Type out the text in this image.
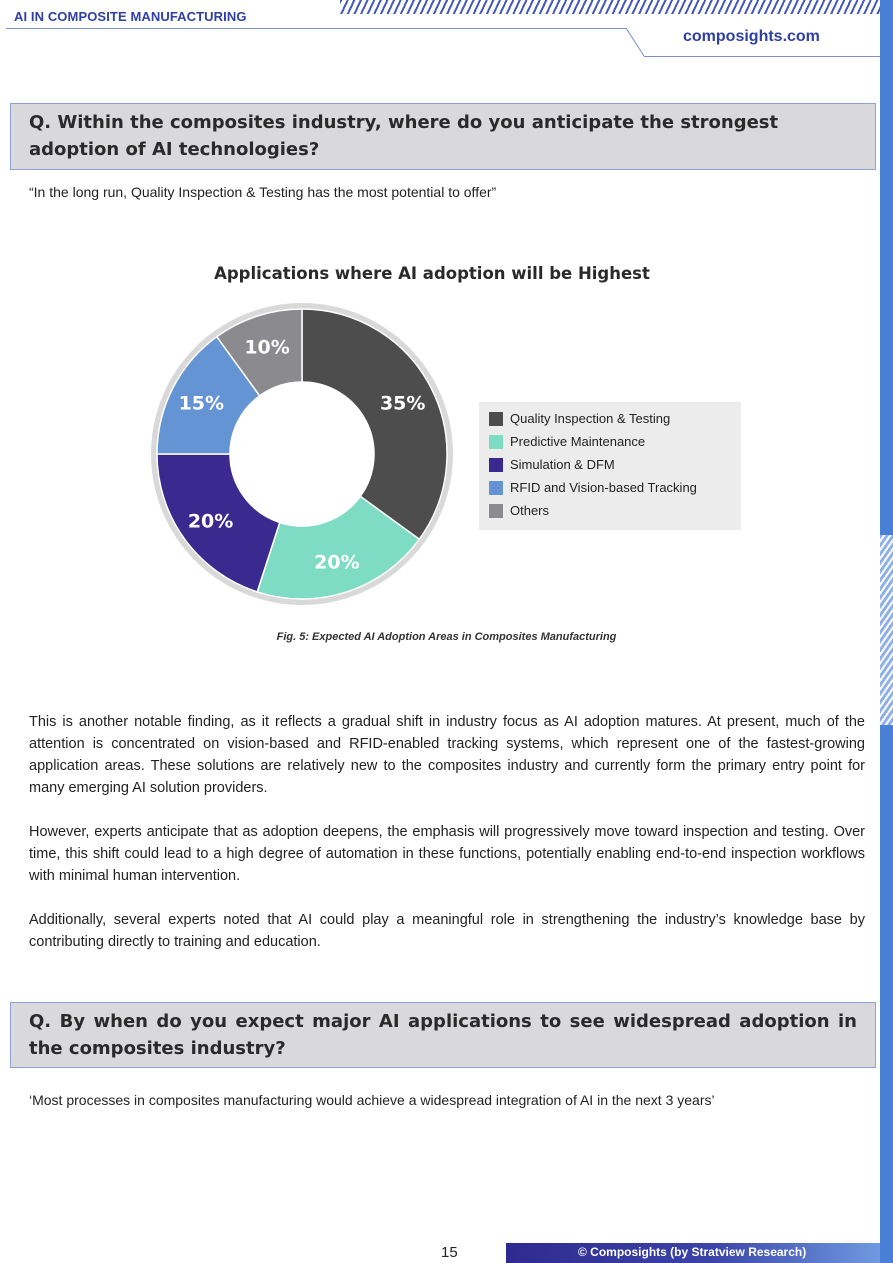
AI IN COMPOSITE MANUFACTURING
composights.com
Q. Within the composites industry, where do you anticipate the strongest adoption of AI technologies?
“In the long run, Quality Inspection & Testing has the most potential to offer”
Applications where AI adoption will be Highest
35%
20%
20%
15%
10%
Quality Inspection & Testing
Predictive Maintenance
Simulation & DFM
RFID and Vision-based Tracking
Others
Fig. 5: Expected AI Adoption Areas in Composites Manufacturing
This is another notable finding, as it reflects a gradual shift in industry focus as AI adoption matures. At present, much of the attention is concentrated on vision-based and RFID-enabled tracking systems, which represent one of the fastest-growing application areas. These solutions are relatively new to the composites industry and currently form the primary entry point for many emerging AI solution providers.
However, experts anticipate that as adoption deepens, the emphasis will progressively move toward inspection and testing. Over time, this shift could lead to a high degree of automation in these functions, potentially enabling end-to-end inspection workflows with minimal human intervention.
Additionally, several experts noted that AI could play a meaningful role in strengthening the industry’s knowledge base by contributing directly to training and education.
Q. By when do you expect major AI applications to see widespread adoption in the composites industry?
‘Most processes in composites manufacturing would achieve a widespread integration of AI in the next 3 years’
15	© Composights (by Stratview Research)
